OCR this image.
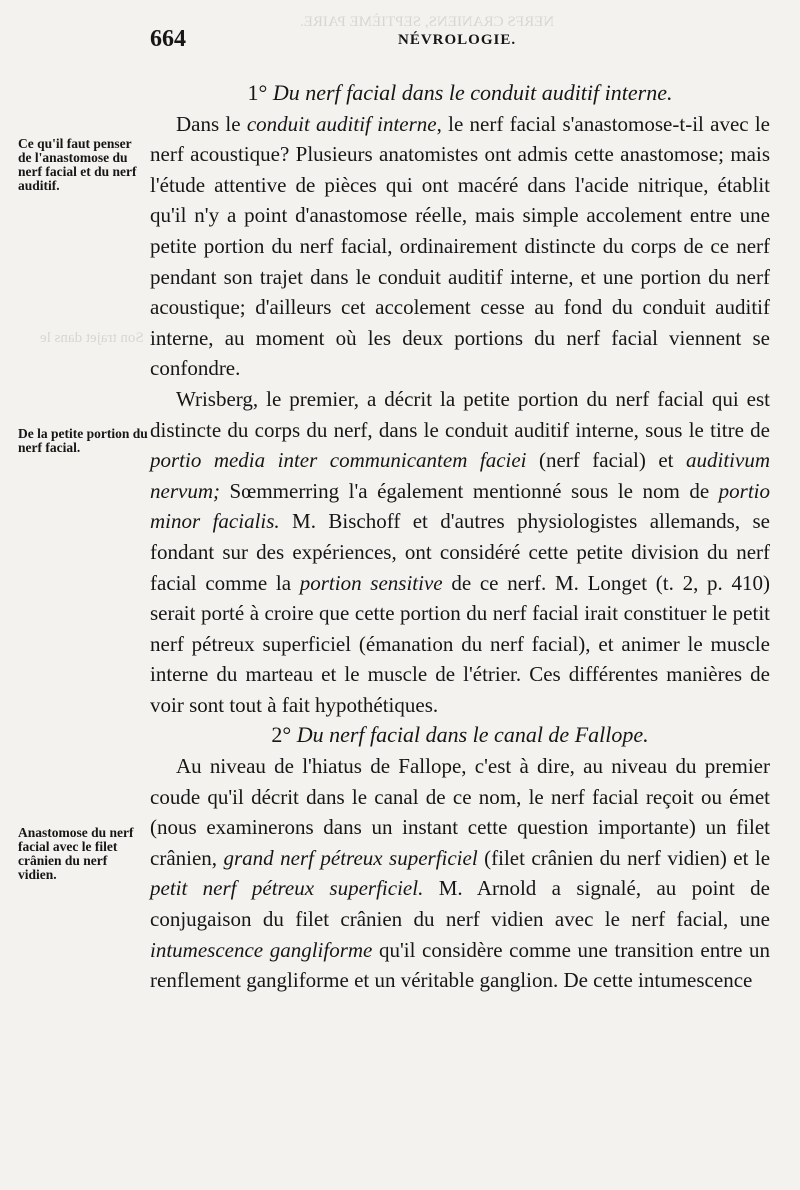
NERFS CRANIENS, SEPTIÈME PAIRE.
Son trajet dans le
664	NÉVROLOGIE.
Ce qu'il faut penser de l'anastomose du nerf facial et du nerf auditif.
De la petite portion du nerf facial.
Anastomose du nerf facial avec le filet crânien du nerf vidien.

1° Du nerf facial dans le conduit auditif interne.

Dans le conduit auditif interne, le nerf facial s'anastomose-t-il avec le nerf acoustique? Plusieurs anatomistes ont admis cette anastomose; mais l'étude attentive de pièces qui ont macéré dans l'acide nitrique, établit qu'il n'y a point d'anastomose réelle, mais simple accolement entre une petite portion du nerf facial, ordinairement distincte du corps de ce nerf pendant son trajet dans le conduit auditif interne, et une portion du nerf acoustique; d'ailleurs cet accolement cesse au fond du conduit auditif interne, au moment où les deux portions du nerf facial viennent se confondre.

Wrisberg, le premier, a décrit la petite portion du nerf facial qui est distincte du corps du nerf, dans le conduit auditif interne, sous le titre de portio media inter communicantem faciei (nerf facial) et auditivum nervum; Sœmmerring l'a également mentionné sous le nom de portio minor facialis. M. Bischoff et d'autres physiologistes allemands, se fondant sur des expériences, ont considéré cette petite division du nerf facial comme la portion sensitive de ce nerf. M. Longet (t. 2, p. 410) serait porté à croire que cette portion du nerf facial irait constituer le petit nerf pétreux superficiel (émanation du nerf facial), et animer le muscle interne du marteau et le muscle de l'étrier. Ces différentes manières de voir sont tout à fait hypothétiques.

2° Du nerf facial dans le canal de Fallope.

Au niveau de l'hiatus de Fallope, c'est à dire, au niveau du premier coude qu'il décrit dans le canal de ce nom, le nerf facial reçoit ou émet (nous examinerons dans un instant cette question importante) un filet crânien, grand nerf pétreux superficiel (filet crânien du nerf vidien) et le petit nerf pétreux superficiel. M. Arnold a signalé, au point de conjugaison du filet crânien du nerf vidien avec le nerf facial, une intumescence gangliforme qu'il considère comme une transition entre un renflement gangliforme et un véritable ganglion. De cette intumescence
